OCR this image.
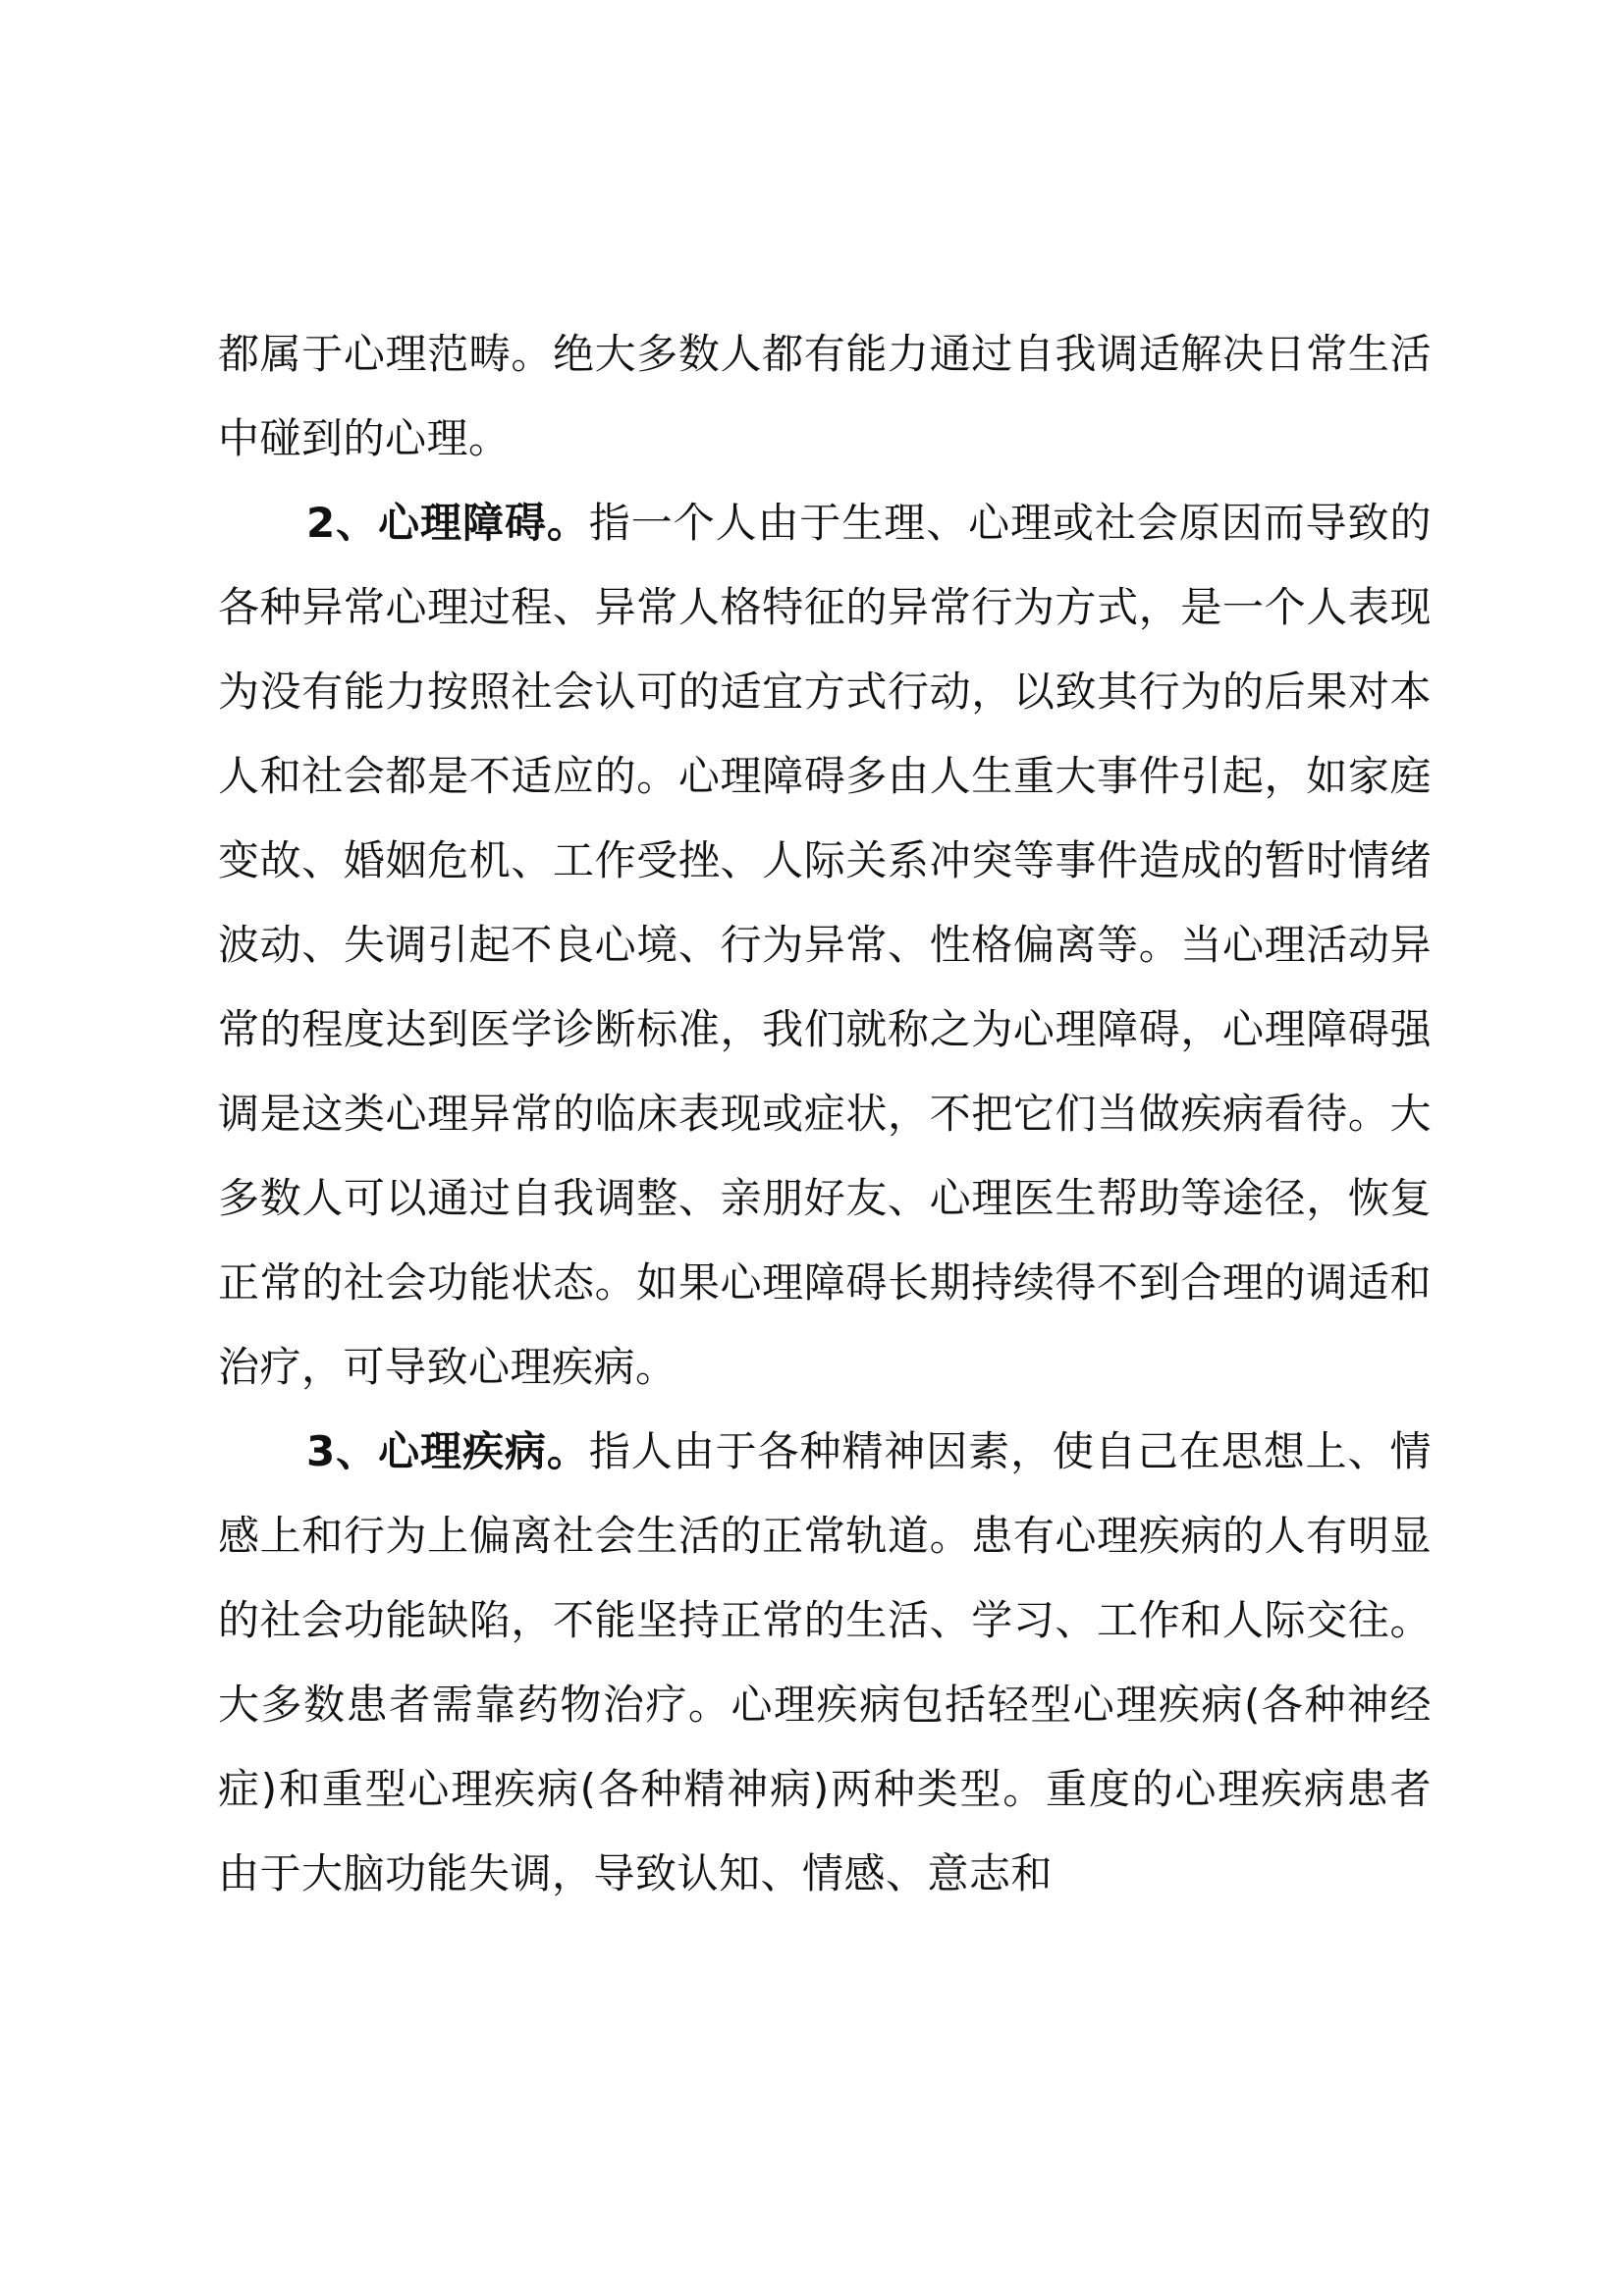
都属于心理范畴。绝大多数人都有能力通过自我调适解决日常生活中碰到的心理。

2、心理障碍。指一个人由于生理、心理或社会原因而导致的各种异常心理过程、异常人格特征的异常行为方式，是一个人表现为没有能力按照社会认可的适宜方式行动，以致其行为的后果对本人和社会都是不适应的。心理障碍多由人生重大事件引起，如家庭变故、婚姻危机、工作受挫、人际关系冲突等事件造成的暂时情绪波动、失调引起不良心境、行为异常、性格偏离等。当心理活动异常的程度达到医学诊断标准，我们就称之为心理障碍，心理障碍强调是这类心理异常的临床表现或症状，不把它们当做疾病看待。大多数人可以通过自我调整、亲朋好友、心理医生帮助等途径，恢复正常的社会功能状态。如果心理障碍长期持续得不到合理的调适和治疗，可导致心理疾病。

3、心理疾病。指人由于各种精神因素，使自己在思想上、情感上和行为上偏离社会生活的正常轨道。患有心理疾病的人有明显的社会功能缺陷，不能坚持正常的生活、学习、工作和人际交往。大多数患者需靠药物治疗。心理疾病包括轻型心理疾病(各种神经症)和重型心理疾病(各种精神病)两种类型。重度的心理疾病患者由于大脑功能失调，导致认知、情感、意志和
